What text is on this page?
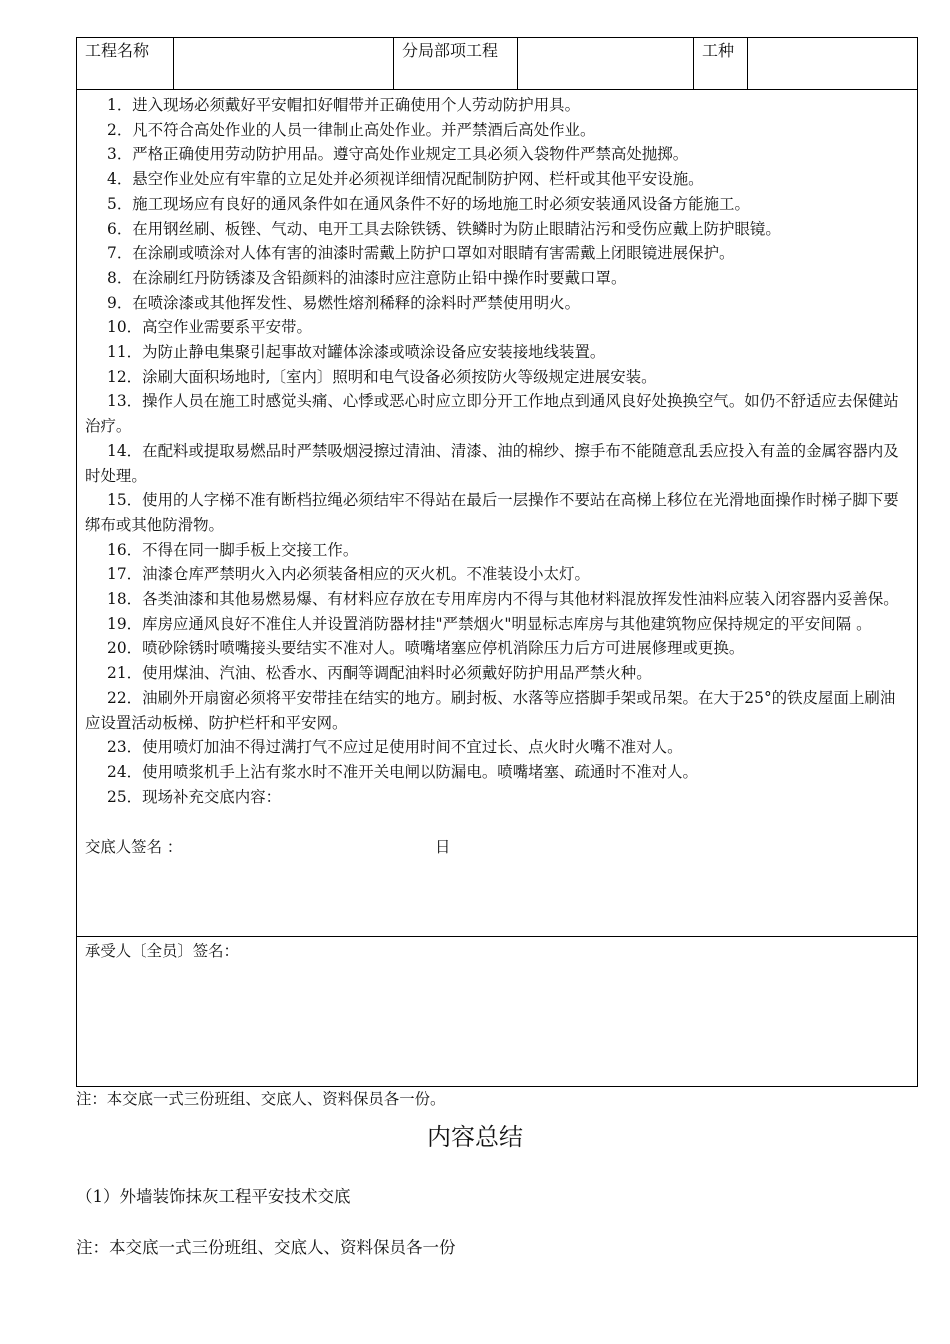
工程名称		分局部项工程		工种	

1．进入现场必须戴好平安帽扣好帽带并正确使用个人劳动防护用具。
2．凡不符合高处作业的人员一律制止高处作业。并严禁酒后高处作业。
3．严格正确使用劳动防护用品。遵守高处作业规定工具必须入袋物件严禁高处抛掷。
4．悬空作业处应有牢靠的立足处并必须视详细情况配制防护网、栏杆或其他平安设施。
5．施工现场应有良好的通风条件如在通风条件不好的场地施工时必须安装通风设备方能施工。
6．在用钢丝刷、板锉、气动、电开工具去除铁锈、铁鳞时为防止眼睛沾污和受伤应戴上防护眼镜。
7．在涂刷或喷涂对人体有害的油漆时需戴上防护口罩如对眼睛有害需戴上闭眼镜进展保护。
8．在涂刷红丹防锈漆及含铅颜料的油漆时应注意防止铅中操作时要戴口罩。
9．在喷涂漆或其他挥发性、易燃性熔剂稀释的涂料时严禁使用明火。
10．高空作业需要系平安带。
11．为防止静电集聚引起事故对罐体涂漆或喷涂设备应安装接地线装置。
12．涂刷大面积场地时,〔室内〕照明和电气设备必须按防火等级规定进展安装。
13．操作人员在施工时感觉头痛、心悸或恶心时应立即分开工作地点到通风良好处换换空气。如仍不舒适应去保健站治疗。
14．在配料或提取易燃品时严禁吸烟浸擦过清油、清漆、油的棉纱、擦手布不能随意乱丢应投入有盖的金属容器内及时处理。
15．使用的人字梯不准有断档拉绳必须结牢不得站在最后一层操作不要站在高梯上移位在光滑地面操作时梯子脚下要绑布或其他防滑物。
16．不得在同一脚手板上交接工作。
17．油漆仓库严禁明火入内必须装备相应的灭火机。不准装设小太灯。
18．各类油漆和其他易燃易爆、有材料应存放在专用库房内不得与其他材料混放挥发性油料应装入闭容器内妥善保。
19．库房应通风良好不准住人并设置消防器材挂"严禁烟火"明显标志库房与其他建筑物应保持规定的平安间隔 。
20．喷砂除锈时喷嘴接头要结实不准对人。喷嘴堵塞应停机消除压力后方可进展修理或更换。
21．使用煤油、汽油、松香水、丙酮等调配油料时必须戴好防护用品严禁火种。
22．油刷外开扇窗必须将平安带挂在结实的地方。刷封板、水落等应搭脚手架或吊架。在大于25°的铁皮屋面上刷油应设置活动板梯、防护栏杆和平安网。
23．使用喷灯加油不得过满打气不应过足使用时间不宜过长、点火时火嘴不准对人。
24．使用喷浆机手上沾有浆水时不准开关电闸以防漏电。喷嘴堵塞、疏通时不准对人。
25．现场补充交底内容：
交底人签名 ：	日

承受人〔全员〕签名：
注：本交底一式三份班组、交底人、资料保员各一份。
内容总结
（1）外墙装饰抹灰工程平安技术交底
注：本交底一式三份班组、交底人、资料保员各一份
